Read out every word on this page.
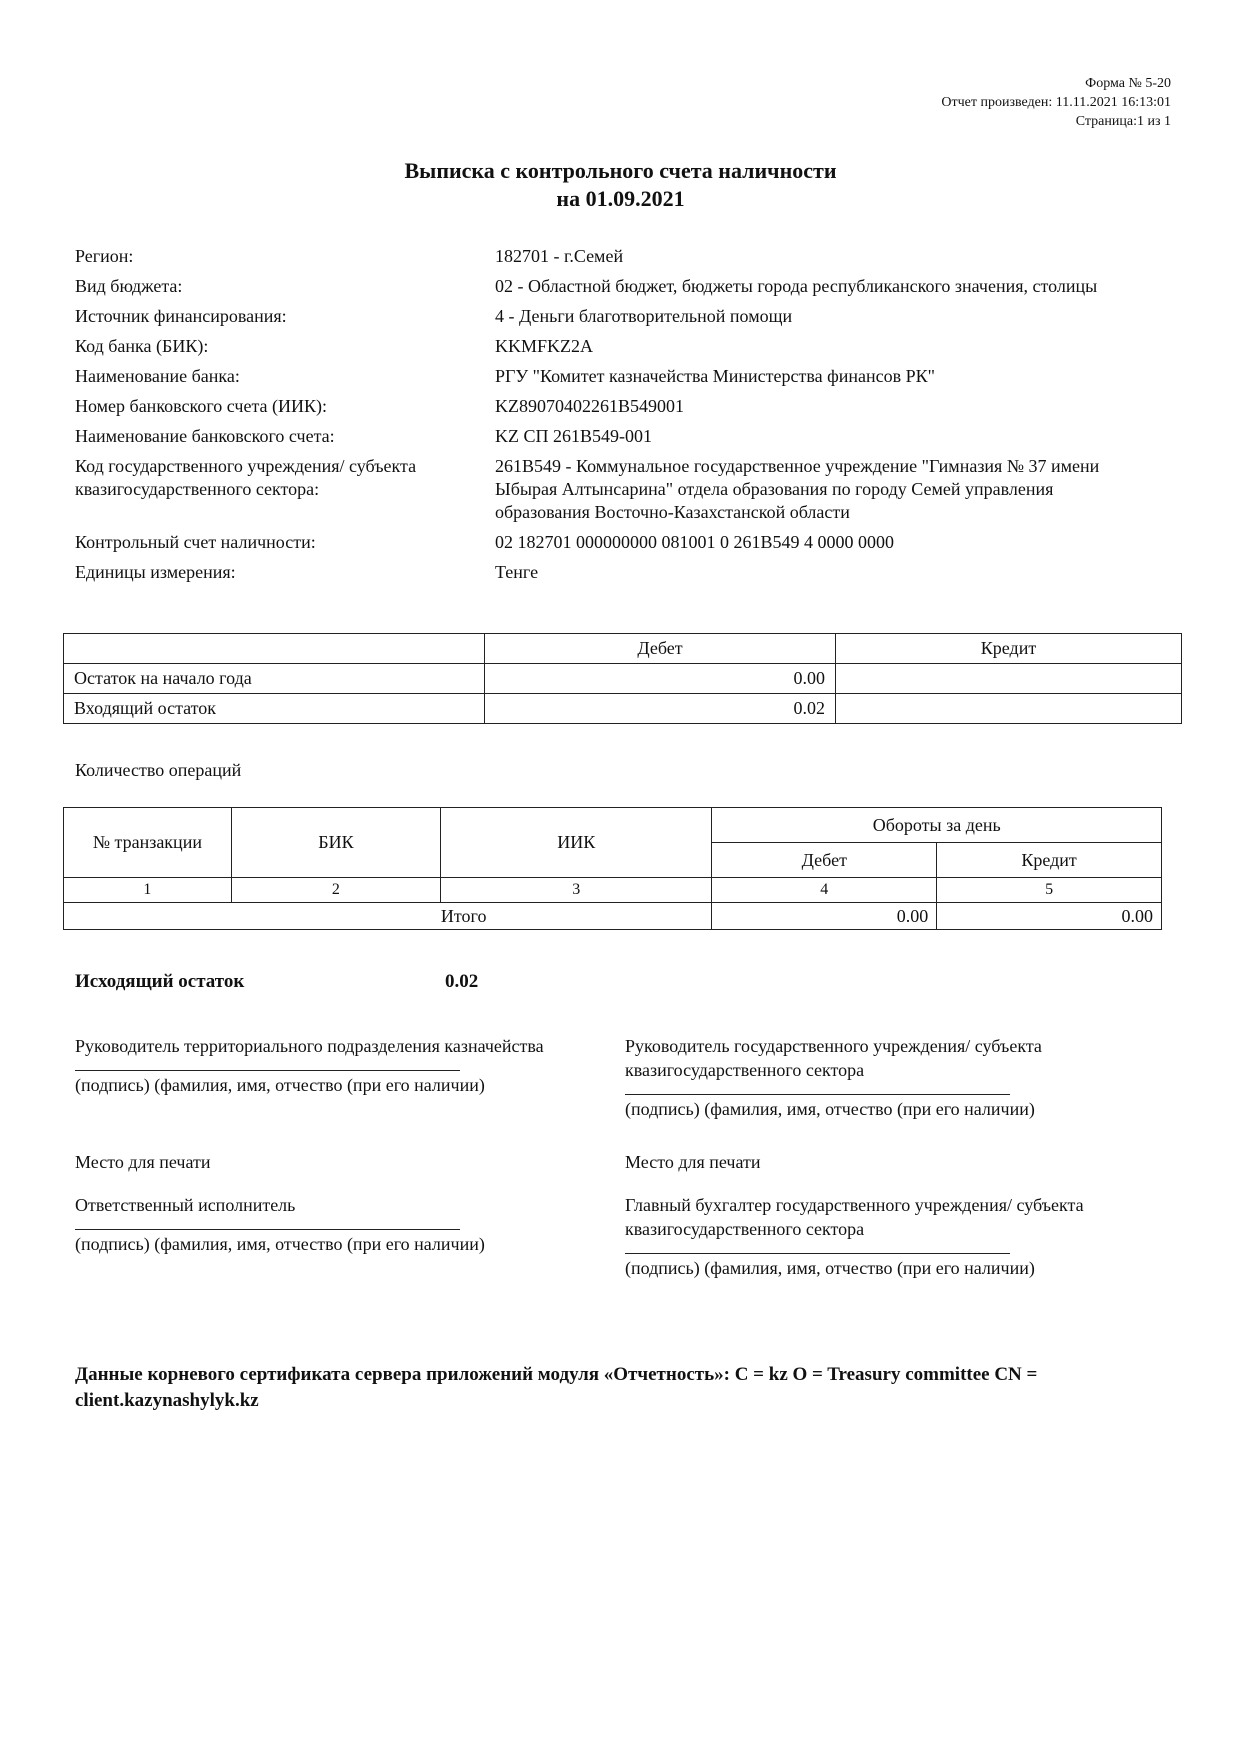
Форма № 5-20
Отчет произведен: 11.11.2021 16:13:01
Страница:1 из 1
Выписка с контрольного счета наличности
на 01.09.2021
Регион:	182701 - г.Семей
Вид бюджета:	02 - Областной бюджет, бюджеты города республиканского значения, столицы
Источник финансирования:	4 - Деньги благотворительной помощи
Код банка (БИК):	KKMFKZ2A
Наименование банка:	РГУ "Комитет казначейства Министерства финансов РК"
Номер банковского счета (ИИК):	KZ89070402261B549001
Наименование банковского счета:	KZ СП 261B549-001
Код государственного учреждения/ субъекта квазигосударственного сектора:
261B549 - Коммунальное государственное учреждение "Гимназия № 37 имени Ыбырая Алтынсарина" отдела образования по городу Семей управления образования Восточно-Казахстанской области
Контрольный счет наличности:	02 182701 000000000 081001 0 261B549 4 0000 0000
Единицы измерения:	Тенге
	Дебет	Кредит
Остаток на начало года	0.00	
Входящий остаток	0.02	
Количество операций
№ транзакции	БИК	ИИК	Обороты за день	
			Дебет	Кредит
1	2	3	4	5
Итого			0.00	0.00
Исходящий остаток	0.02
Руководитель территориального подразделения казначейства
(подпись) (фамилия, имя, отчество (при его наличии)
Место для печати
Ответственный исполнитель
(подпись) (фамилия, имя, отчество (при его наличии)
Руководитель государственного учреждения/ субъекта квазигосударственного сектора
(подпись) (фамилия, имя, отчество (при его наличии)
Место для печати
Главный бухгалтер государственного учреждения/ субъекта квазигосударственного сектора
(подпись) (фамилия, имя, отчество (при его наличии)
Данные корневого сертификата сервера приложений модуля «Отчетность»: C = kz O = Treasury committee CN = client.kazynashylyk.kz
